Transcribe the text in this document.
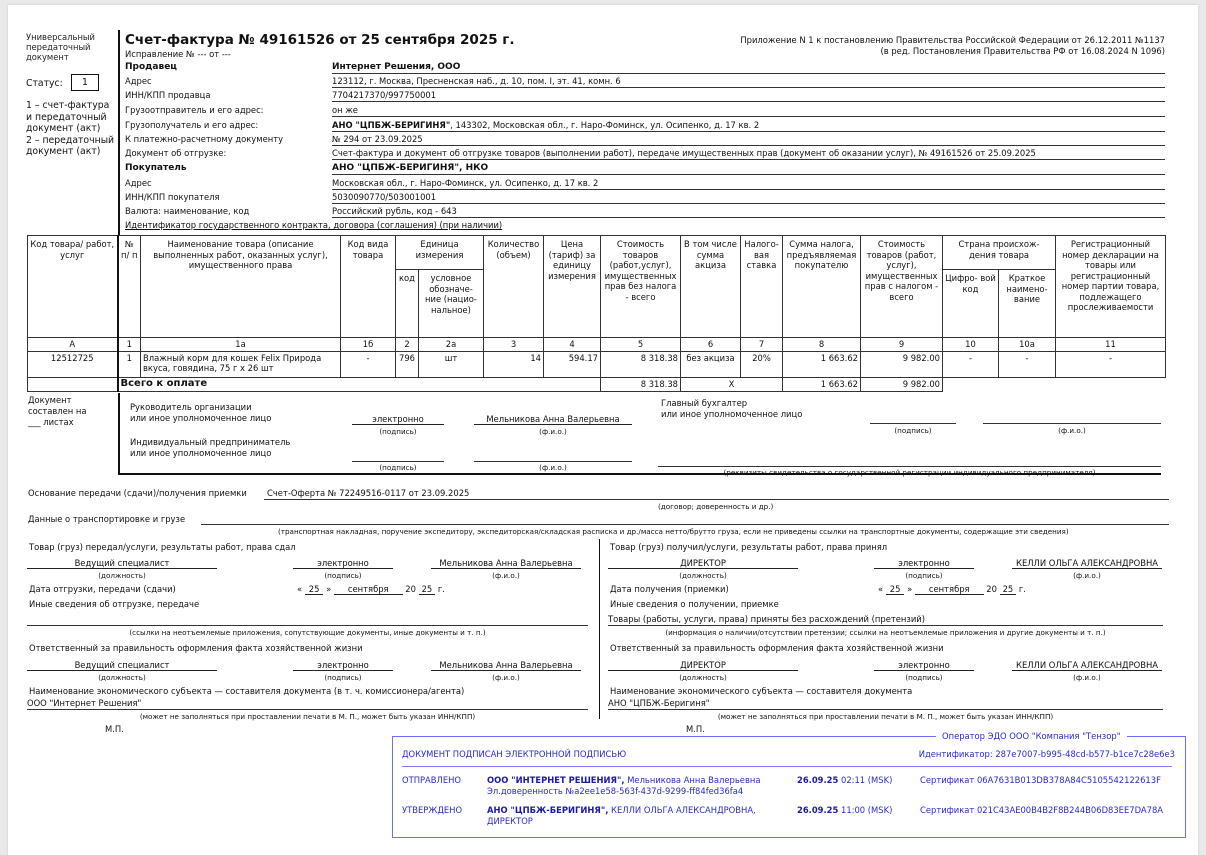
Универсальный
передаточный
документ
Статус:	1
1 – счет-фактура
и передаточный
документ (акт)
2 – передаточный
документ (акт)
Счет-фактура № 49161526 от 25 сентября 2025 г.
Исправление № --- от ---
Приложение N 1 к постановлению Правительства Российской Федерации от 26.12.2011 №1137
(в ред. Постановления Правительства РФ от 16.08.2024 N 1096)
Продавец	Интернет Решения, ООО
Адрес	123112, г. Москва, Пресненская наб., д. 10, пом. I, эт. 41, комн. 6
ИНН/КПП продавца	7704217370/997750001
Грузоотправитель и его адрес:	он же
Грузополучатель и его адрес:	АНО "ЦПБЖ-БЕРИГИНЯ", 143302, Московская обл., г. Наро-Фоминск, ул. Осипенко, д. 17 кв. 2
К платежно-расчетному документу	№ 294 от 23.09.2025
Документ об отгрузке:	Счет-фактура и документ об отгрузке товаров (выполнении работ), передаче имущественных прав (документ об оказании услуг), № 49161526 от 25.09.2025
Покупатель	АНО "ЦПБЖ-БЕРИГИНЯ", НКО
Адрес	Московская обл., г. Наро-Фоминск, ул. Осипенко, д. 17 кв. 2
ИНН/КПП покупателя	5030090770/503001001
Валюта: наименование, код	Российский рубль, код - 643
Идентификатор государственного контракта, договора (соглашения) (при наличии)
Код товара/ работ, услуг	№ п/ п	Наименование товара (описание выполненных работ, оказанных услуг), имущественного права	Код вида товара	Единица измерения		Количество (объем)	Цена (тариф) за единицу измерения	Стоимость товаров (работ,услуг), имущественных прав без налога - всего	В том числе сумма акциза	Налого- вая ставка	Сумма налога, предъявляемая покупателю	Стоимость товаров (работ, услуг), имущественных прав с налогом - всего	Страна происхож- дения товара		Регистрационный номер декларации на товары или регистрационный номер партии товара, подлежащего прослеживаемости
				код	условное обозначе- ние (нацио- нальное)								Цифро- вой код	Краткое наимено- вание	
А	1	1а	1б	2	2а	3	4	5	6	7	8	9	10	10а	11
12512725	1	Влажный корм для кошек Felix Природа вкуса, говядина, 75 г х 26 шт	-	796	шт	14	594.17	8 318.38	без акциза	20%	1 663.62	9 982.00	-	-	-
	Всего к оплате							8 318.38	Х		1 663.62	9 982.00			
Документ
составлен на
___ листах
Руководитель организации
или иное уполномоченное лицо	электронно
(подпись)
Мельникова Анна Валерьевна
(ф.и.о.)
Индивидуальный предприниматель
или иное уполномоченное лицо
(подпись)	(ф.и.о.)
Главный бухгалтер
или иное уполномоченное лицо
(подпись)	(ф.и.о.)
(реквизиты свидетельства о государственной регистрации индивидуального предпринимателя)
Основание передачи (сдачи)/получения приемки Счет-Оферта № 72249516-0117 от 23.09.2025
(договор; доверенность и др.)
Данные о транспортировке и грузе
(транспортная накладная, поручение экспедитору, экспедиторская/складская расписка и др./масса нетто/брутто груза, если не приведены ссылки на транспортные документы, содержащие эти сведения)
Товар (груз) передал/услуги, результаты работ, права сдал
Ведущий специалист	электронно	Мельникова Анна Валерьевна
(должность)	(подпись)	(ф.и.о.)
Дата отгрузки, передачи (сдачи)	« 25 » сентября 20 25 г.
Иные сведения об отгрузке, передаче
(ссылки на неотъемлемые приложения, сопутствующие документы, иные документы и т. п.)
Ответственный за правильность оформления факта хозяйственной жизни
Ведущий специалист	электронно	Мельникова Анна Валерьевна
(должность)	(подпись)	(ф.и.о.)
Наименование экономического субъекта — составителя документа (в т. ч. комиссионера/агента)
ООО "Интернет Решения"
(может не заполняться при проставлении печати в М. П., может быть указан ИНН/КПП)
М.П.
Товар (груз) получил/услуги, результаты работ, права принял
ДИРЕКТОР	электронно	КЕЛЛИ ОЛЬГА АЛЕКСАНДРОВНА
(должность)	(подпись)	(ф.и.о.)
Дата получения (приемки)	« 25 » сентября 20 25 г.
Иные сведения о получении, приемке
Товары (работы, услуги, права) приняты без расхождений (претензий)
(информация о наличии/отсутствии претензии; ссылки на неотъемлемые приложения и другие документы и т. п.)
Ответственный за правильность оформления факта хозяйственной жизни
ДИРЕКТОР	электронно	КЕЛЛИ ОЛЬГА АЛЕКСАНДРОВНА
(должность)	(подпись)	(ф.и.о.)
Наименование экономического субъекта — составителя документа
АНО "ЦПБЖ-Беригиня"
(может не заполняться при проставлении печати в М. П., может быть указан ИНН/КПП)
М.П.
Оператор ЭДО ООО "Компания "Тензор"
ДОКУМЕНТ ПОДПИСАН ЭЛЕКТРОННОЙ ПОДПИСЬЮ	Идентификатор: 287e7007-b995-48cd-b577-b1ce7c28e6e3
ОТПРАВЛЕНО	ООО "ИНТЕРНЕТ РЕШЕНИЯ", Мельникова Анна Валерьевна
Эл.доверенность №a2ee1e58-563f-437d-9299-ff84fed36fa4
26.09.25 02:11 (MSK)	Сертификат 06A7631B013DB378A84C5105542122613F
УТВЕРЖДЕНО	АНО "ЦПБЖ-БЕРИГИНЯ", КЕЛЛИ ОЛЬГА АЛЕКСАНДРОВНА,
ДИРЕКТОР
26.09.25 11:00 (MSK)	Сертификат 021C43AE00B4B2F8B244B06D83EE7DA78A
